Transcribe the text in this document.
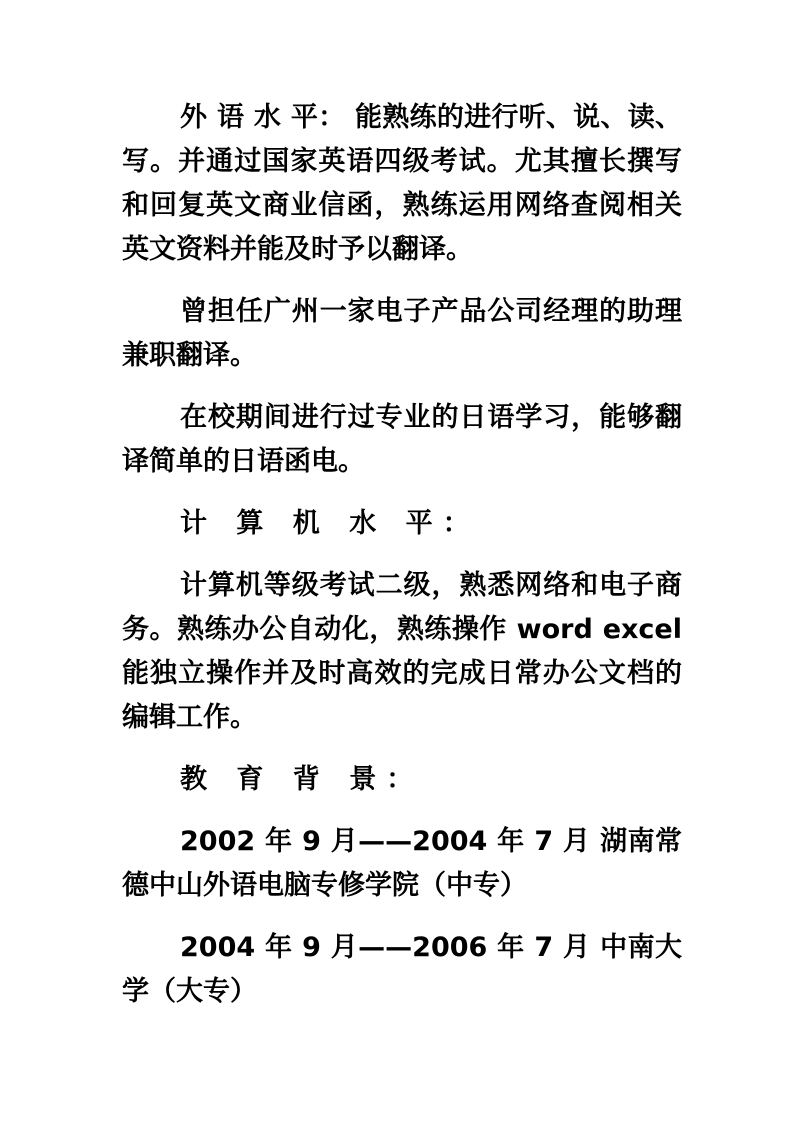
外 语 水 平： 能熟练的进行听、说、读、写。并通过国家英语四级考试。尤其擅长撰写和回复英文商业信函，熟练运用网络查阅相关英文资料并能及时予以翻译。

曾担任广州一家电子产品公司经理的助理兼职翻译。

在校期间进行过专业的日语学习，能够翻译简单的日语函电。

计 算 机 水 平：

计算机等级考试二级，熟悉网络和电子商务。熟练办公自动化，熟练操作 word excel 能独立操作并及时高效的完成日常办公文档的编辑工作。

教 育 背 景：

2002 年 9 月——2004 年 7 月 湖南常德中山外语电脑专修学院（中专）

2004 年 9 月——2006 年 7 月 中南大学（大专）
